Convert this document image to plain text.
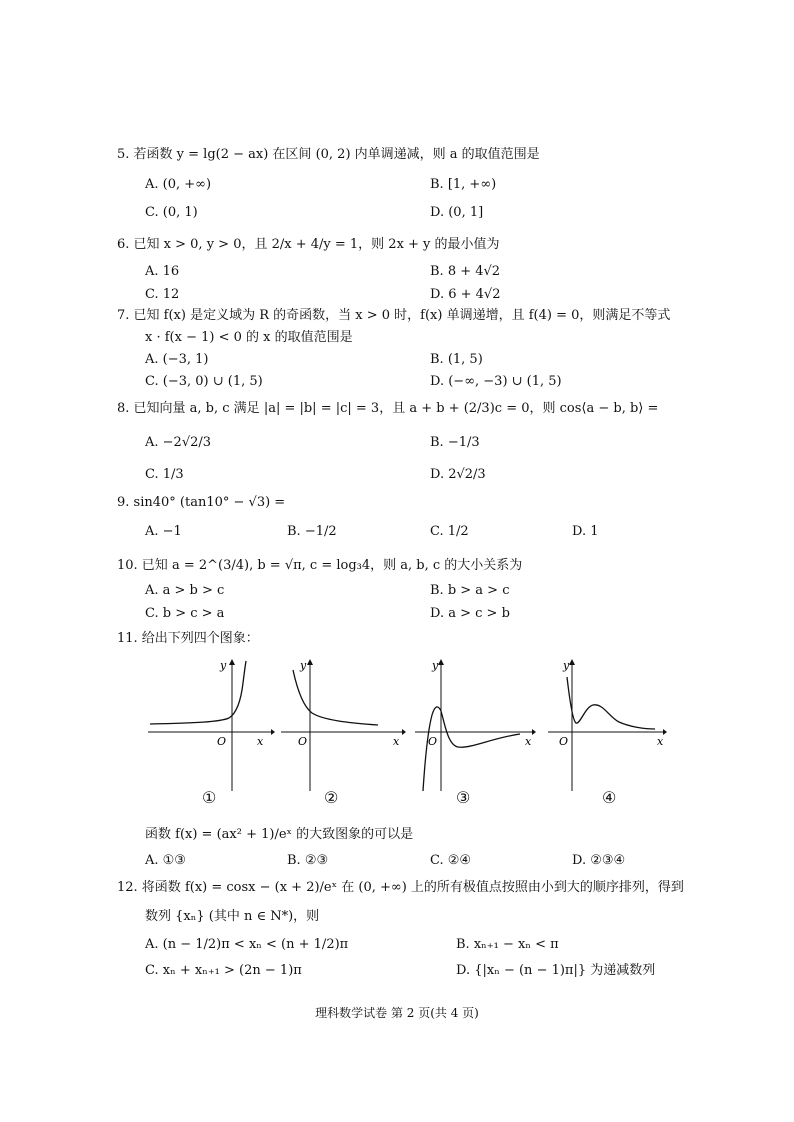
5. 若函数 y = lg(2 − ax) 在区间 (0, 2) 内单调递减，则 a 的取值范围是
A. (0, +∞)	B. [1, +∞)
C. (0, 1)	D. (0, 1]
6. 已知 x > 0, y > 0，且 2/x + 4/y = 1，则 2x + y 的最小值为
A. 16	B. 8 + 4√2
C. 12	D. 6 + 4√2
7. 已知 f(x) 是定义域为 R 的奇函数，当 x > 0 时，f(x) 单调递增，且 f(4) = 0，则满足不等式
x · f(x − 1) < 0 的 x 的取值范围是
A. (−3, 1)	B. (1, 5)
C. (−3, 0) ∪ (1, 5)	D. (−∞, −3) ∪ (1, 5)
8. 已知向量 a, b, c 满足 |a| = |b| = |c| = 3，且 a + b + (2/3)c = 0，则 cos⟨a − b, b⟩ =
A. −2√2/3	B. −1/3
C. 1/3	D. 2√2/3
9. sin40° (tan10° − √3) =
A. −1	B. −1/2	C. 1/2	D. 1
10. 已知 a = 2^(3/4), b = √π, c = log₃4，则 a, b, c 的大小关系为
A. a > b > c	B. b > a > c
C. b > c > a	D. a > c > b
11. 给出下列四个图象：
y
x
O
①
y
x
O
②
y
x
O
③
y
x
O
④
函数 f(x) = (ax² + 1)/eˣ 的大致图象的可以是
A. ①③	B. ②③	C. ②④	D. ②③④
12. 将函数 f(x) = cosx − (x + 2)/eˣ 在 (0, +∞) 上的所有极值点按照由小到大的顺序排列，得到
数列 {xₙ} (其中 n ∈ N*)，则
A. (n − 1/2)π < xₙ < (n + 1/2)π	B. xₙ₊₁ − xₙ < π
C. xₙ + xₙ₊₁ > (2n − 1)π	D. {|xₙ − (n − 1)π|} 为递减数列
理科数学试卷 第 2 页(共 4 页)
